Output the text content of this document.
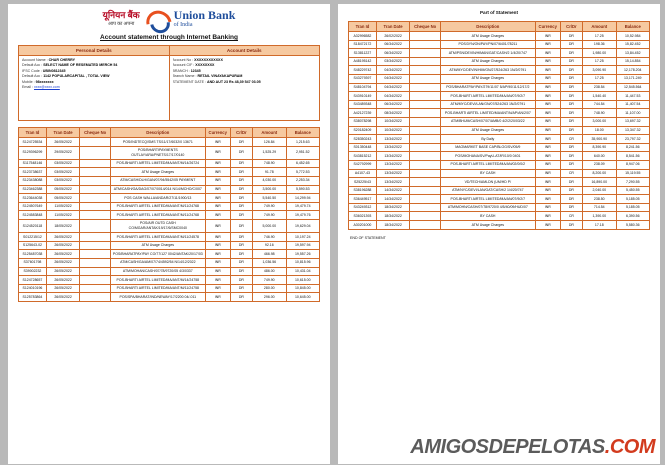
यूनियन बैंक
आप का अपना
Union Bank
of India
Account statement through Internet Banking
Personal Details
Account Name : CHAR CHERRY
Default Acc : SELECT NAME OF RESEMATED MERCH 54
IFSC Code : UBIN0812345
Default Acc : 1142 POPULARCAPITAL , TOTAL VIEW
Mobile : 98xxxxxxx
Email : xxxx@xxxx.com
Account Details
Account No : XXXXXXXXXXXX
Account CIF : XXXXXXXX
BRANCH : 12345
Branch Name : RETAIL VINAYAKAPURAM
STATEMENT DATE : AND AUT 23 Rs 48,39 547 03.05
Tran Id	Tran Date	Cheque No	Description	Currency	Cr/Dr	Amount	Balance
S124725534	26/05/2022		POS/INDTECQ/SMS TS/11/17/6032/0 13671	INR	DR	126.84	1,215.63
S129396299	29/05/2022		POS/BHARTIPAYMENTS OUTLAY/ARA/PNETS/17/17/0140	INR	DR	1,525.29	2,951.52
S117548146	03/05/2022		POS-BHARTI AIRTEL LIMITED/MA/ANT/M/14/26724	INR	DR	748.90	6,452.65
S123738637	03/05/2022		ATM Usage Charges	INR	DR	91.78	5,772.53
S123438088	03/05/2022		ATM/CASH/DLH/GAN/07/94/5542/05 PAYMENT	INR	DR	4,030.00	2,253.34
S123462388	05/05/2022		ATM/CASH/GA/DAG/07/07/0014/014 N/14/MCHO/C/007	INR	DR	3,500.00	5,590.53
S123644038	05/05/2022		POS CASH WALLA/ANDAR/27/11/1900/13	INR	DR	5,540.50	14,299.94
S124507649	11/05/2022		POS-BHARTI AIRTEL LIMITED/MA/ANT/M/11/24768	INR	DR	749.90	19,479.74
S124583848	11/05/2022		POS-BHARTI AIRTEL LIMITED/MA/ANT/M/11/24768	INR	DR	749.90	19,479.76
S124520118	18/05/2022		POS/AIR OUTD CASH CO/MGAR/ANTAK/19/17/6/SMC0040	INR	DR	5,000.00	19,629.04
S012215/12	26/05/2022		POS-BHARTI AIRTEL LIMITED/MA/ANT/M/11/24578	INR	DR	746.90	10,197.24
S125643-02	26/05/2022		ATM Usage Charges	INR	DR	92.16	19,597.94
S125487038	26/05/2022		POS/BHARATPAY/PAY CO/77/127 0042/ANTAK/20/17/03	INR	DR	466.98	19,557.26
S37601798	26/05/2022		ATM/CASH/GA/AM/07/74/4592/54 N/14/12/2022	INR	DR	1,036.56	10,815.96
S39002232	26/05/2022		ATM/MOHAN/CASH/07/78/9720/05 4/3/0337	INR	DR	486.00	10,431.04
S124728657	26/05/2022		POS-BHARTI AIRTEL LIMITED/MA/ANT/M/14/24758	INR	DR	749.90	10,615.00
S124010196	26/05/2022		POS-BHARTI AIRTEL LIMITED/MA/ANT/M/11/24758	INR	DR	280.00	10,845.00
S125783864	26/05/2022		POS/SPA/BHARAT/IND/NEWAY/17/2200 04/-011	INR	DR	296.00	10,645.00
Part of Statement
Tran Id	Tran Date	Cheque No	Description	Currency	Cr/Dr	Amount	Balance
A32996582	26/02/2022		ATM Usage Charges	INR	DR	17.25	10,52.984
S18472172	06/34/2022		POS/3YN/ON/PAY/PN/07/6401/78211	INR	DR	198.36	15,82.452
S13811227	06/34/2022		ATM/PSN/DEVIN/HIMAN/GAT/CASH/2 1/4/20/747	INR	DR	1,980.00	13,84.452
A48195142	03/34/2022		ATM Usage Charges	INR	DR	17.25	15,14.854
S48229742	04/34/2022		ATM/MYC/DEVIN/HIM/GN/27/524/263 1N/2/0791	INR	DR	3,090.90	12,178.204
S43279397	04/34/2022		ATM Usage Charges	INR	DR	17.25	13,171.249
S48104794	04/34/2022		POS/BHARATPAY/PAY/279/11/07 5/AP/90/11/12/17/2	INR	DR	238.54	12,545.564
S43910149	04/34/2022		POS-BHARTI AIRTEL LIMITED/MA/AN/07/9/2/7	INR	DR	1,540.40	11,447.53
S43489348	06/34/2022		ATM/MYC/DEVI/LAN/GN/07/524/263 1N/2/0791	INR	DR	744.54	11,407.54
A42127239	08/34/2022		POS-BHARTI AIRTEL LIMITED/MA/ANT/N/AP/AN/2/07	INR	DR	748.90	11,107.00
S38078298	10/34/2022		ATM/BHUM/CASH/07/07/AMB/0 4/2/2/20/03/22	INR	DR	3,000.00	13,697.32
S20182409	10/34/2022		ATM Usage Charges	INR	DR	18.00	13,347.32
S28350243	13/34/2022		By Daily	INR	CR	35,900.90	23,797.32
S01350448	13/34/2022		MAOMARKET BASE CAP/BLOG/SV/05/9	INR	DR	8,390.90	8,241.56
S43815212	13/34/2022		POS/MOHANA/SV/PayU-AT/IR/10/0 0401	INR	DR	640.00	8,541.56
S42792999	13/34/2022		POS-BHARTI AIRTEL LIMITED/MA/AN/02/0/0/2	INR	DR	238.09	8,947.06
A4107-43	13/34/2022		BY CASH	INR	CR	8,200.00	15,119.55
S25225/43	13/34/2022		VD/TECH/AMLDN (UM/HD P/	INR	DR	16,890.00	7,290.55
S38196288	14/34/2022		ATM/NYC/DEVI/LAN/GAT/CASH/2 1/4/20/747	INR	DR	2,040.00	5,450.55
S36449517	14/34/2022		POS-BHARTI AIRTEL LIMITED/MA/AN/07/9/2/7	INR	DR	238.50	5,185.05
S43249312	18/34/2022		ATM/MOHN/CASH/07/78/9720/0 4/5/40/09/HUD/07	INR	DR	714.54	5,185.05
S36021393	18/34/2022		BY CASH	INR	CR	1,390.00	6,390.56
A30201000	18/34/2022		ATM Usage Charges	INR	DR	17.18	5,580.36
END OF STATEMENT
AMIGOSDEPELOTAS.COM
